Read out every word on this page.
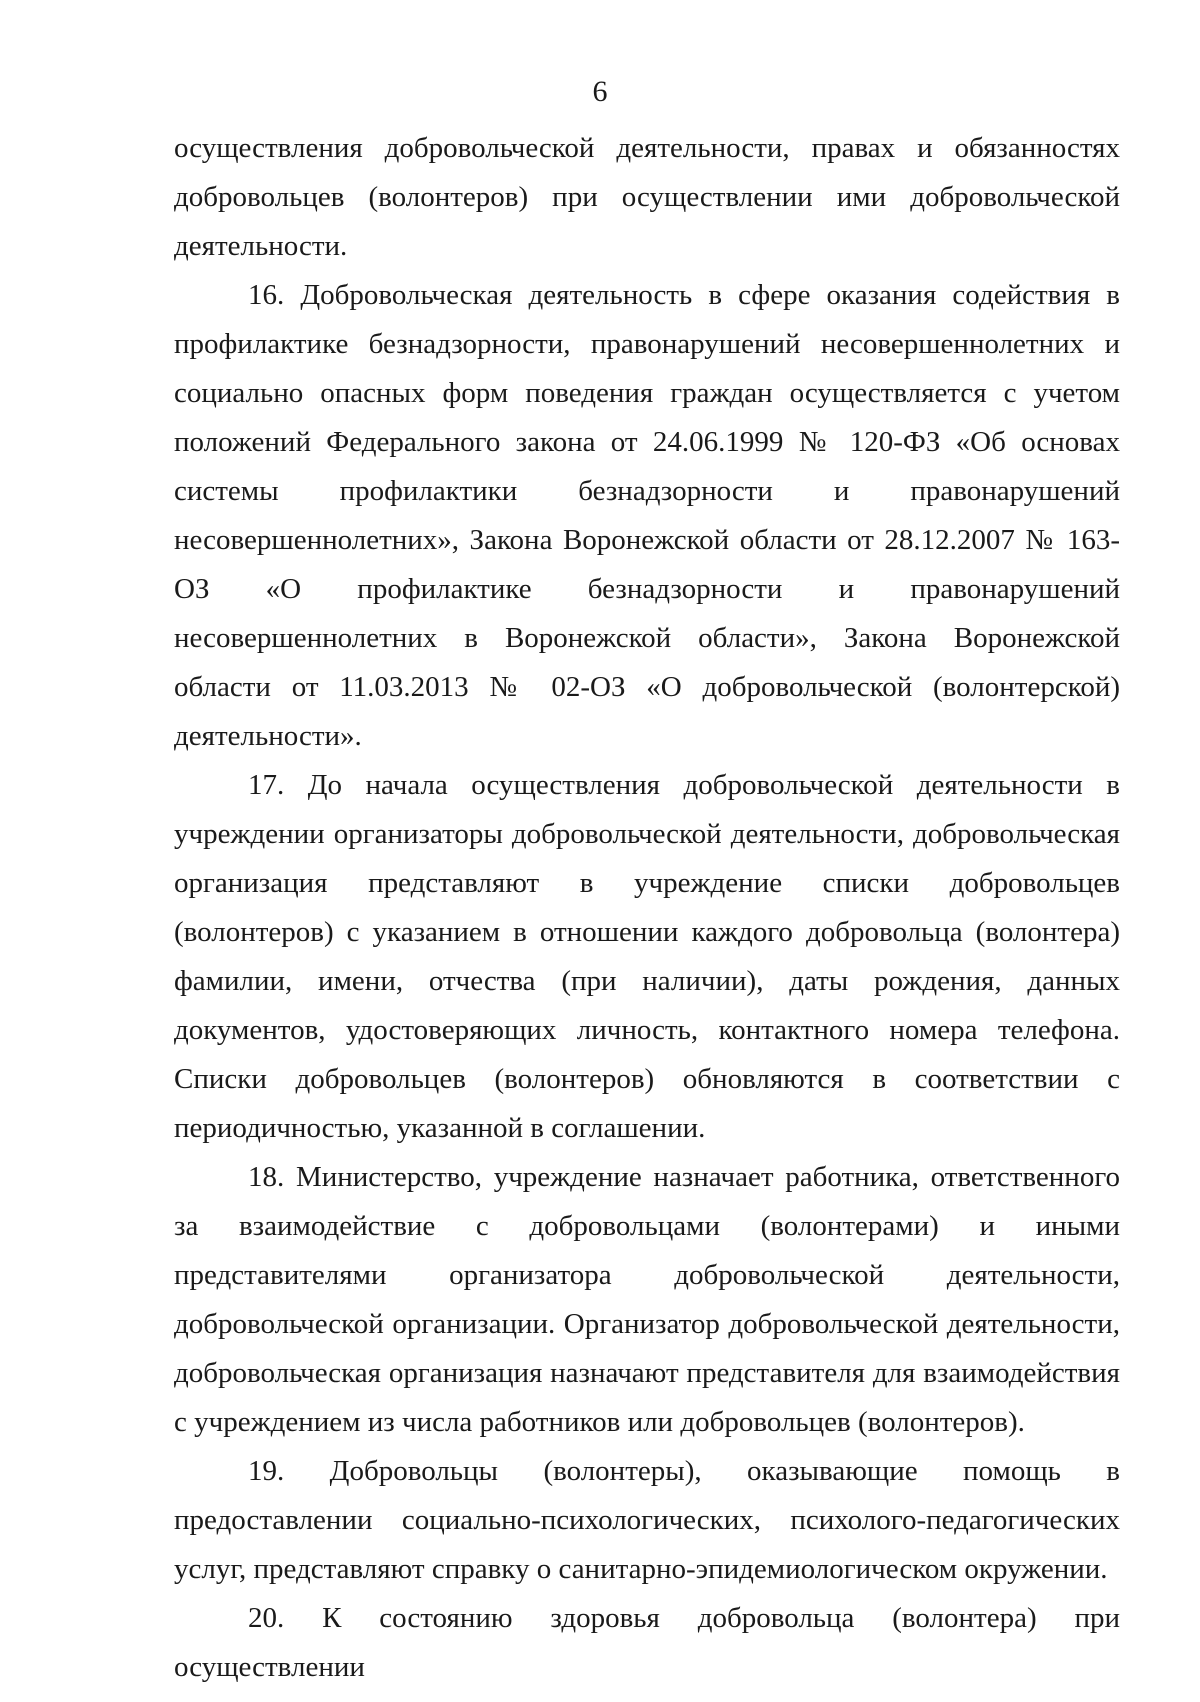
6

осуществления добровольческой деятельности, правах и обязанностях добровольцев (волонтеров) при осуществлении ими добровольческой деятельности.

16. Добровольческая деятельность в сфере оказания содействия в профилактике безнадзорности, правонарушений несовершеннолетних и социально опасных форм поведения граждан осуществляется с учетом положений Федерального закона от 24.06.1999 № 120-ФЗ «Об основах системы профилактики безнадзорности и правонарушений несовершеннолетних», Закона Воронежской области от 28.12.2007 № 163-ОЗ «О профилактике безнадзорности и правонарушений несовершеннолетних в Воронежской области», Закона Воронежской области от 11.03.2013 № 02-ОЗ «О добровольческой (волонтерской) деятельности».

17. До начала осуществления добровольческой деятельности в учреждении организаторы добровольческой деятельности, добровольческая организация представляют в учреждение списки добровольцев (волонтеров) с указанием в отношении каждого добровольца (волонтера) фамилии, имени, отчества (при наличии), даты рождения, данных документов, удостоверяющих личность, контактного номера телефона. Списки добровольцев (волонтеров) обновляются в соответствии с периодичностью, указанной в соглашении.

18. Министерство, учреждение назначает работника, ответственного за взаимодействие с добровольцами (волонтерами) и иными представителями организатора добровольческой деятельности, добровольческой организации. Организатор добровольческой деятельности, добровольческая организация назначают представителя для взаимодействия с учреждением из числа работников или добровольцев (волонтеров).

19. Добровольцы (волонтеры), оказывающие помощь в предоставлении социально-психологических, психолого-педагогических услуг, представляют справку о санитарно-эпидемиологическом окружении.

20. К состоянию здоровья добровольца (волонтера) при осуществлении
